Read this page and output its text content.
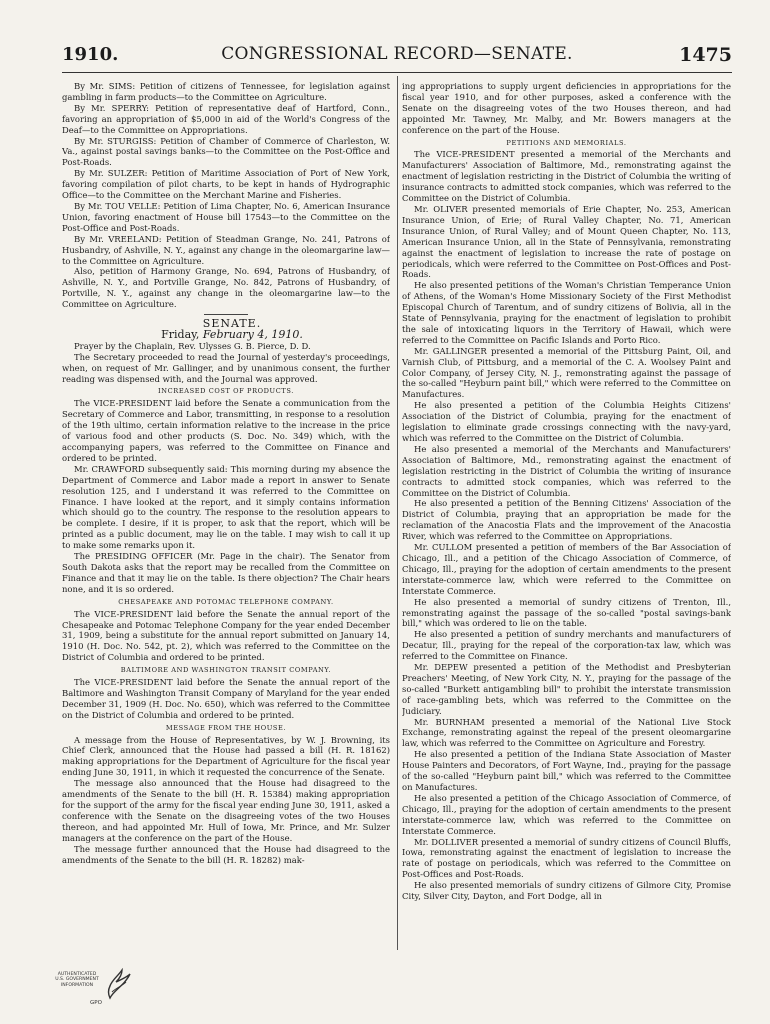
1910.	CONGRESSIONAL RECORD—SENATE.	1475

By Mr. SIMS: Petition of citizens of Tennessee, for legislation against gambling in farm products—to the Committee on Agriculture.

By Mr. SPERRY: Petition of representative deaf of Hartford, Conn., favoring an appropriation of $5,000 in aid of the World's Congress of the Deaf—to the Committee on Appropriations.

By Mr. STURGISS: Petition of Chamber of Commerce of Charleston, W. Va., against postal savings banks—to the Committee on the Post-Office and Post-Roads.

By Mr. SULZER: Petition of Maritime Association of Port of New York, favoring compilation of pilot charts, to be kept in hands of Hydrographic Office—to the Committee on the Merchant Marine and Fisheries.

By Mr. TOU VELLE: Petition of Lima Chapter, No. 6, American Insurance Union, favoring enactment of House bill 17543—to the Committee on the Post-Office and Post-Roads.

By Mr. VREELAND: Petition of Steadman Grange, No. 241, Patrons of Husbandry, of Ashville, N. Y., against any change in the oleomargarine law—to the Committee on Agriculture.

Also, petition of Harmony Grange, No. 694, Patrons of Husbandry, of Ashville, N. Y., and Portville Grange, No. 842, Patrons of Husbandry, of Portville, N. Y., against any change in the oleomargarine law—to the Committee on Agriculture.

SENATE.

Friday, February 4, 1910.

Prayer by the Chaplain, Rev. Ulysses G. B. Pierce, D. D.

The Secretary proceeded to read the Journal of yesterday's proceedings, when, on request of Mr. Gallinger, and by unanimous consent, the further reading was dispensed with, and the Journal was approved.

INCREASED COST OF PRODUCTS.

The VICE-PRESIDENT laid before the Senate a communication from the Secretary of Commerce and Labor, transmitting, in response to a resolution of the 19th ultimo, certain information relative to the increase in the price of various food and other products (S. Doc. No. 349) which, with the accompanying papers, was referred to the Committee on Finance and ordered to be printed.

Mr. CRAWFORD subsequently said: This morning during my absence the Department of Commerce and Labor made a report in answer to Senate resolution 125, and I understand it was referred to the Committee on Finance. I have looked at the report, and it simply contains information which should go to the country. The response to the resolution appears to be complete. I desire, if it is proper, to ask that the report, which will be printed as a public document, may lie on the table. I may wish to call it up to make some remarks upon it.

The PRESIDING OFFICER (Mr. Page in the chair). The Senator from South Dakota asks that the report may be recalled from the Committee on Finance and that it may lie on the table. Is there objection? The Chair hears none, and it is so ordered.

CHESAPEAKE AND POTOMAC TELEPHONE COMPANY.

The VICE-PRESIDENT laid before the Senate the annual report of the Chesapeake and Potomac Telephone Company for the year ended December 31, 1909, being a substitute for the annual report submitted on January 14, 1910 (H. Doc. No. 542, pt. 2), which was referred to the Committee on the District of Columbia and ordered to be printed.

BALTIMORE AND WASHINGTON TRANSIT COMPANY.

The VICE-PRESIDENT laid before the Senate the annual report of the Baltimore and Washington Transit Company of Maryland for the year ended December 31, 1909 (H. Doc. No. 650), which was referred to the Committee on the District of Columbia and ordered to be printed.

MESSAGE FROM THE HOUSE.

A message from the House of Representatives, by W. J. Browning, its Chief Clerk, announced that the House had passed a bill (H. R. 18162) making appropriations for the Department of Agriculture for the fiscal year ending June 30, 1911, in which it requested the concurrence of the Senate.

The message also announced that the House had disagreed to the amendments of the Senate to the bill (H. R. 15384) making appropriation for the support of the army for the fiscal year ending June 30, 1911, asked a conference with the Senate on the disagreeing votes of the two Houses thereon, and had appointed Mr. Hull of Iowa, Mr. Prince, and Mr. Sulzer managers at the conference on the part of the House.

The message further announced that the House had disagreed to the amendments of the Senate to the bill (H. R. 18282) mak-

ing appropriations to supply urgent deficiencies in appropriations for the fiscal year 1910, and for other purposes, asked a conference with the Senate on the disagreeing votes of the two Houses thereon, and had appointed Mr. Tawney, Mr. Malby, and Mr. Bowers managers at the conference on the part of the House.

PETITIONS AND MEMORIALS.

The VICE-PRESIDENT presented a memorial of the Merchants and Manufacturers' Association of Baltimore, Md., remonstrating against the enactment of legislation restricting in the District of Columbia the writing of insurance contracts to admitted stock companies, which was referred to the Committee on the District of Columbia.

Mr. OLIVER presented memorials of Erie Chapter, No. 253, American Insurance Union, of Erie; of Rural Valley Chapter, No. 71, American Insurance Union, of Rural Valley; and of Mount Queen Chapter, No. 113, American Insurance Union, all in the State of Pennsylvania, remonstrating against the enactment of legislation to increase the rate of postage on periodicals, which were referred to the Committee on Post-Offices and Post-Roads.

He also presented petitions of the Woman's Christian Temperance Union of Athens, of the Woman's Home Missionary Society of the First Methodist Episcopal Church of Tarentum, and of sundry citizens of Bolivia, all in the State of Pennsylvania, praying for the enactment of legislation to prohibit the sale of intoxicating liquors in the Territory of Hawaii, which were referred to the Committee on Pacific Islands and Porto Rico.

Mr. GALLINGER presented a memorial of the Pittsburg Paint, Oil, and Varnish Club, of Pittsburg, and a memorial of the C. A. Woolsey Paint and Color Company, of Jersey City, N. J., remonstrating against the passage of the so-called "Heyburn paint bill," which were referred to the Committee on Manufactures.

He also presented a petition of the Columbia Heights Citizens' Association of the District of Columbia, praying for the enactment of legislation to eliminate grade crossings connecting with the navy-yard, which was referred to the Committee on the District of Columbia.

He also presented a memorial of the Merchants and Manufacturers' Association of Baltimore, Md., remonstrating against the enactment of legislation restricting in the District of Columbia the writing of insurance contracts to admitted stock companies, which was referred to the Committee on the District of Columbia.

He also presented a petition of the Benning Citizens' Association of the District of Columbia, praying that an appropriation be made for the reclamation of the Anacostia Flats and the improvement of the Anacostia River, which was referred to the Committee on Appropriations.

Mr. CULLOM presented a petition of members of the Bar Association of Chicago, Ill., and a petition of the Chicago Association of Commerce, of Chicago, Ill., praying for the adoption of certain amendments to the present interstate-commerce law, which were referred to the Committee on Interstate Commerce.

He also presented a memorial of sundry citizens of Trenton, Ill., remonstrating against the passage of the so-called "postal savings-bank bill," which was ordered to lie on the table.

He also presented a petition of sundry merchants and manufacturers of Decatur, Ill., praying for the repeal of the corporation-tax law, which was referred to the Committee on Finance.

Mr. DEPEW presented a petition of the Methodist and Presbyterian Preachers' Meeting, of New York City, N. Y., praying for the passage of the so-called "Burkett antigambling bill" to prohibit the interstate transmission of race-gambling bets, which was referred to the Committee on the Judiciary.

Mr. BURNHAM presented a memorial of the National Live Stock Exchange, remonstrating against the repeal of the present oleomargarine law, which was referred to the Committee on Agriculture and Forestry.

He also presented a petition of the Indiana State Association of Master House Painters and Decorators, of Fort Wayne, Ind., praying for the passage of the so-called "Heyburn paint bill," which was referred to the Committee on Manufactures.

He also presented a petition of the Chicago Association of Commerce, of Chicago, Ill., praying for the adoption of certain amendments to the present interstate-commerce law, which was referred to the Committee on Interstate Commerce.

Mr. DOLLIVER presented a memorial of sundry citizens of Council Bluffs, Iowa, remonstrating against the enactment of legislation to increase the rate of postage on periodicals, which was referred to the Committee on Post-Offices and Post-Roads.

He also presented memorials of sundry citizens of Gilmore City, Promise City, Silver City, Dayton, and Fort Dodge, all in

AUTHENTICATED
U.S. GOVERNMENT
INFORMATION
GPO
